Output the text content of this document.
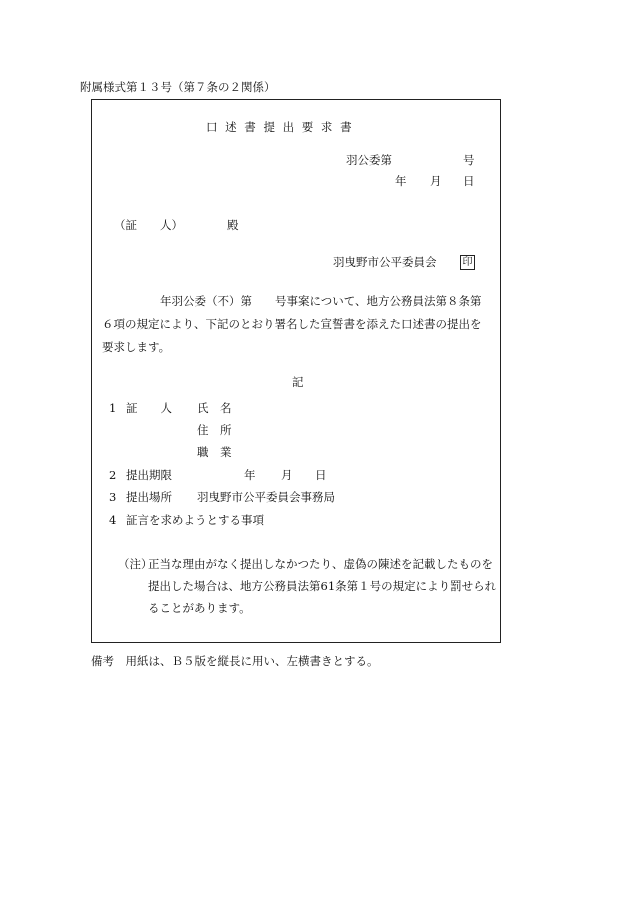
附属様式第１３号（第７条の２関係）
口 述 書 提 出 要 求 書
羽公委第	号
年 月 日
（証　　人）	殿
羽曳野市公平委員会	印
年羽公委（不）第　　号事案について、地方公務員法第８条第６項の規定により、下記のとおり署名した宣誓書を添えた口述書の提出を要求します。
記
1 証　　人 氏　名
住　所
職　業
2 提出期限	年 月 日
3 提出場所 羽曳野市公平委員会事務局
4 証言を求めようとする事項
（注）
正当な理由がなく提出しなかつたり、虚偽の陳述を記載したものを提出した場合は、地方公務員法第61条第１号の規定により罰せられることがあります。
備考　用紙は、Ｂ５版を縦長に用い、左横書きとする。
